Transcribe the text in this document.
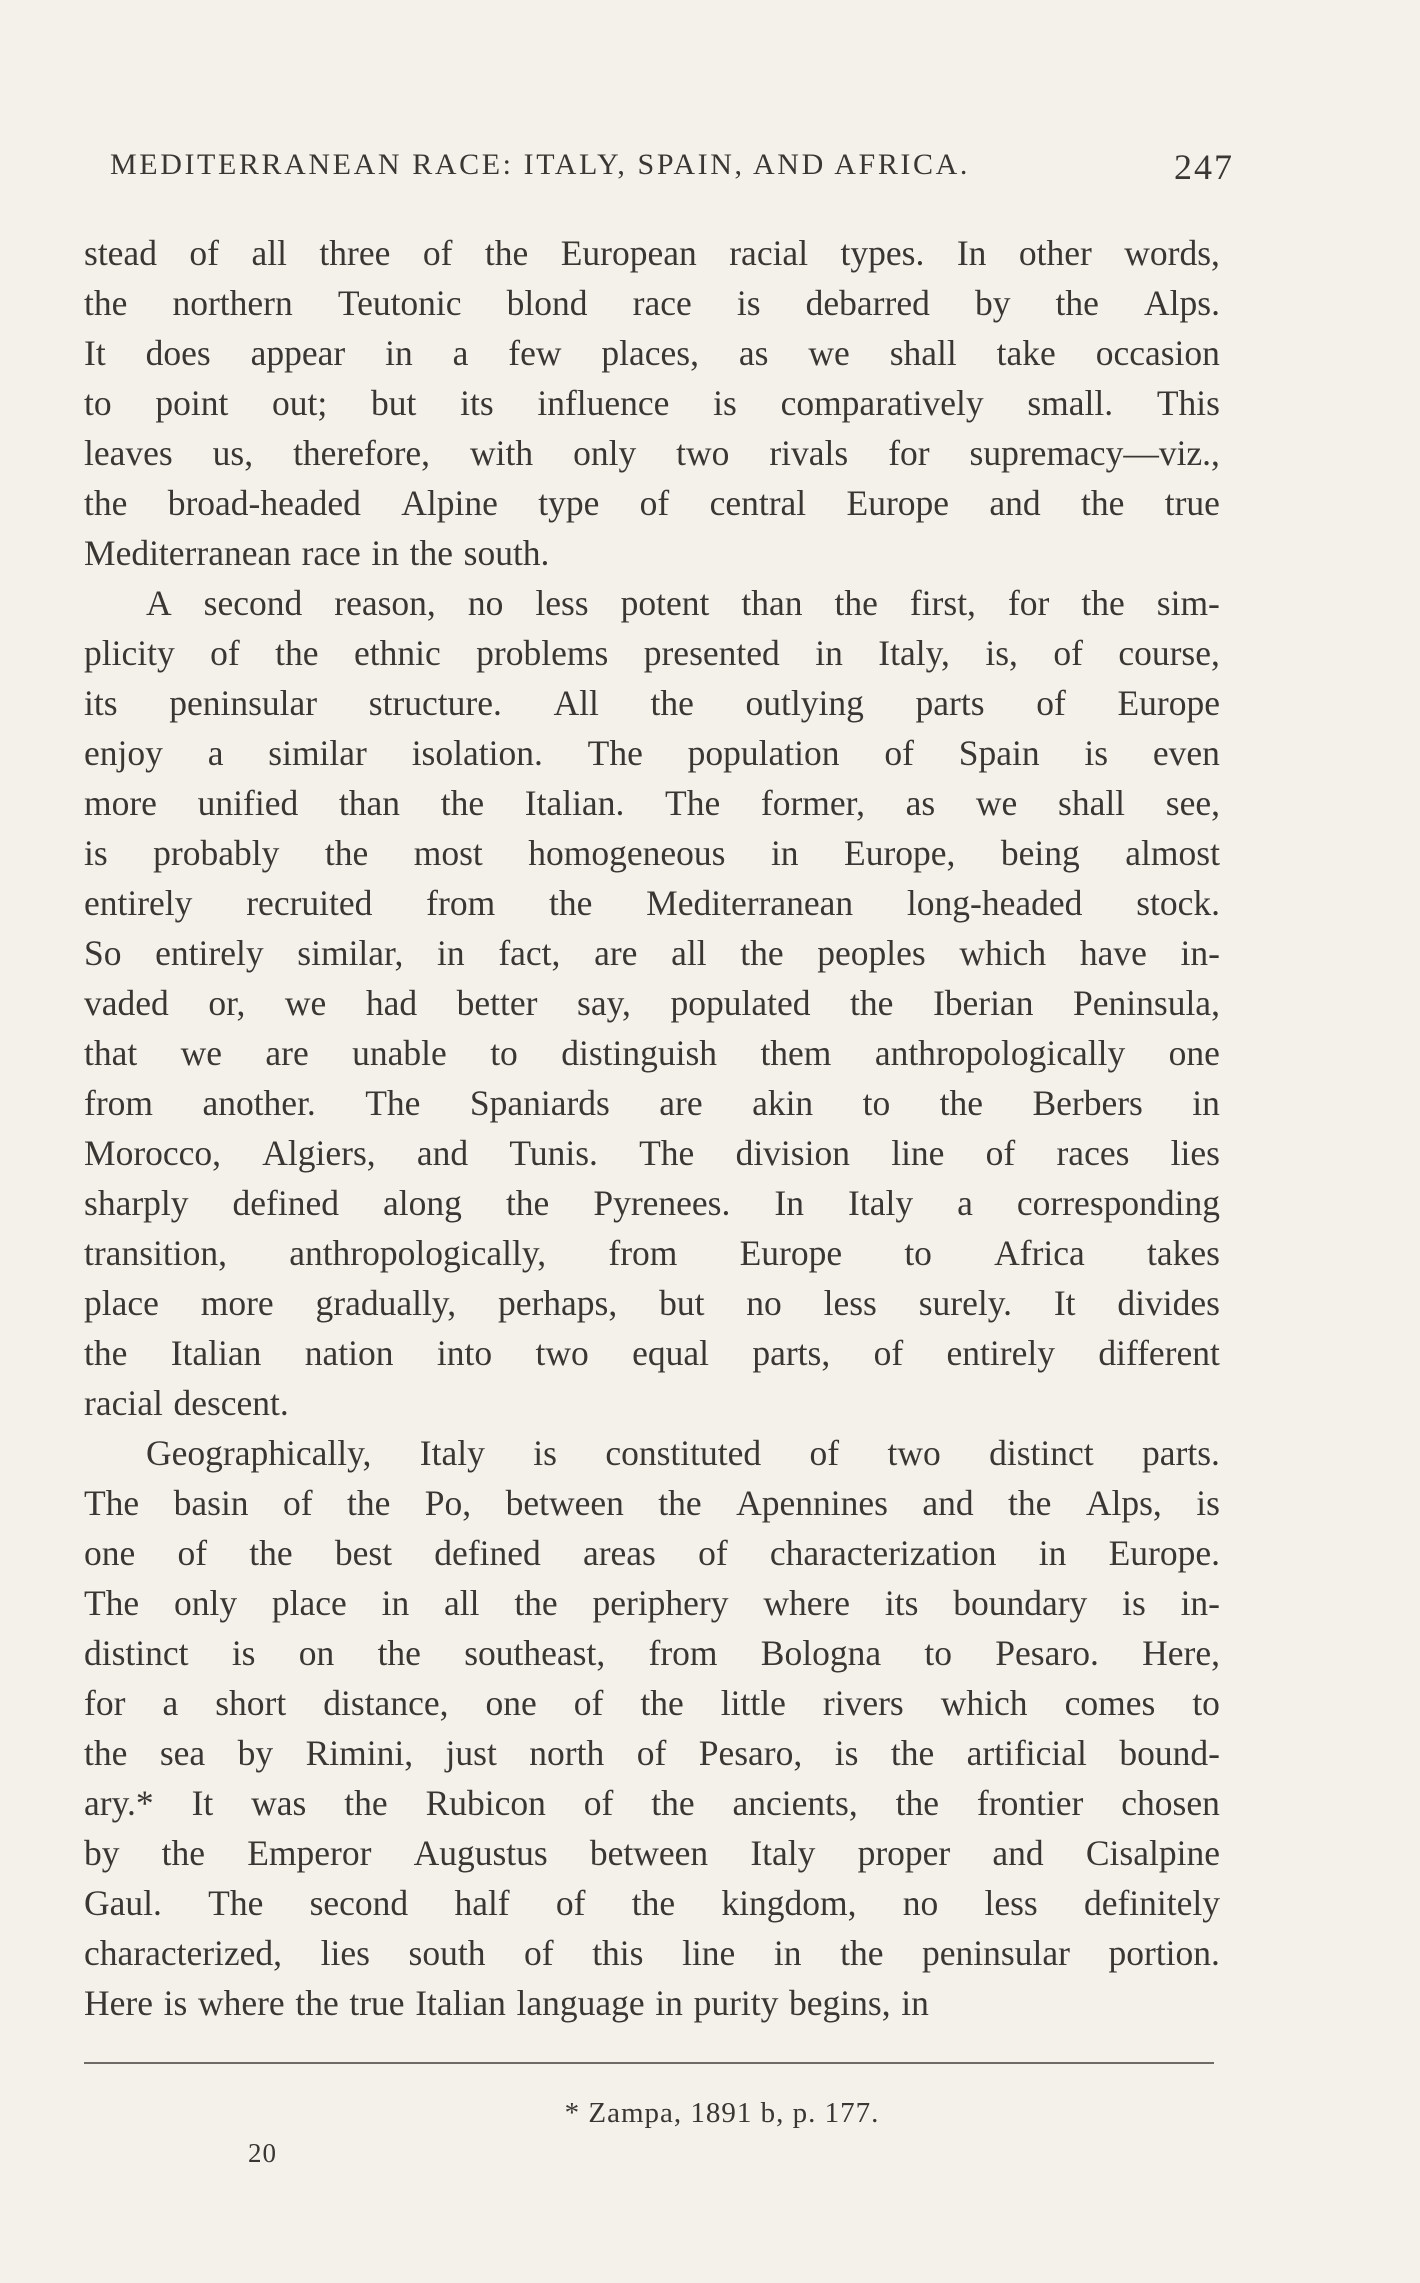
MEDITERRANEAN RACE: ITALY, SPAIN, AND AFRICA.	247
stead of all three of the European racial types. In other words,
the northern Teutonic blond race is debarred by the Alps.
It does appear in a few places, as we shall take occasion
to point out; but its influence is comparatively small. This
leaves us, therefore, with only two rivals for supremacy—viz.,
the broad-headed Alpine type of central Europe and the true
Mediterranean race in the south.
A second reason, no less potent than the first, for the sim-
plicity of the ethnic problems presented in Italy, is, of course,
its peninsular structure. All the outlying parts of Europe
enjoy a similar isolation. The population of Spain is even
more unified than the Italian. The former, as we shall see,
is probably the most homogeneous in Europe, being almost
entirely recruited from the Mediterranean long-headed stock.
So entirely similar, in fact, are all the peoples which have in-
vaded or, we had better say, populated the Iberian Peninsula,
that we are unable to distinguish them anthropologically one
from another. The Spaniards are akin to the Berbers in
Morocco, Algiers, and Tunis. The division line of races lies
sharply defined along the Pyrenees. In Italy a corresponding
transition, anthropologically, from Europe to Africa takes
place more gradually, perhaps, but no less surely. It divides
the Italian nation into two equal parts, of entirely different
racial descent.
Geographically, Italy is constituted of two distinct parts.
The basin of the Po, between the Apennines and the Alps, is
one of the best defined areas of characterization in Europe.
The only place in all the periphery where its boundary is in-
distinct is on the southeast, from Bologna to Pesaro. Here,
for a short distance, one of the little rivers which comes to
the sea by Rimini, just north of Pesaro, is the artificial bound-
ary.* It was the Rubicon of the ancients, the frontier chosen
by the Emperor Augustus between Italy proper and Cisalpine
Gaul. The second half of the kingdom, no less definitely
characterized, lies south of this line in the peninsular portion.
Here is where the true Italian language in purity begins, in
* Zampa, 1891 b, p. 177.
20
